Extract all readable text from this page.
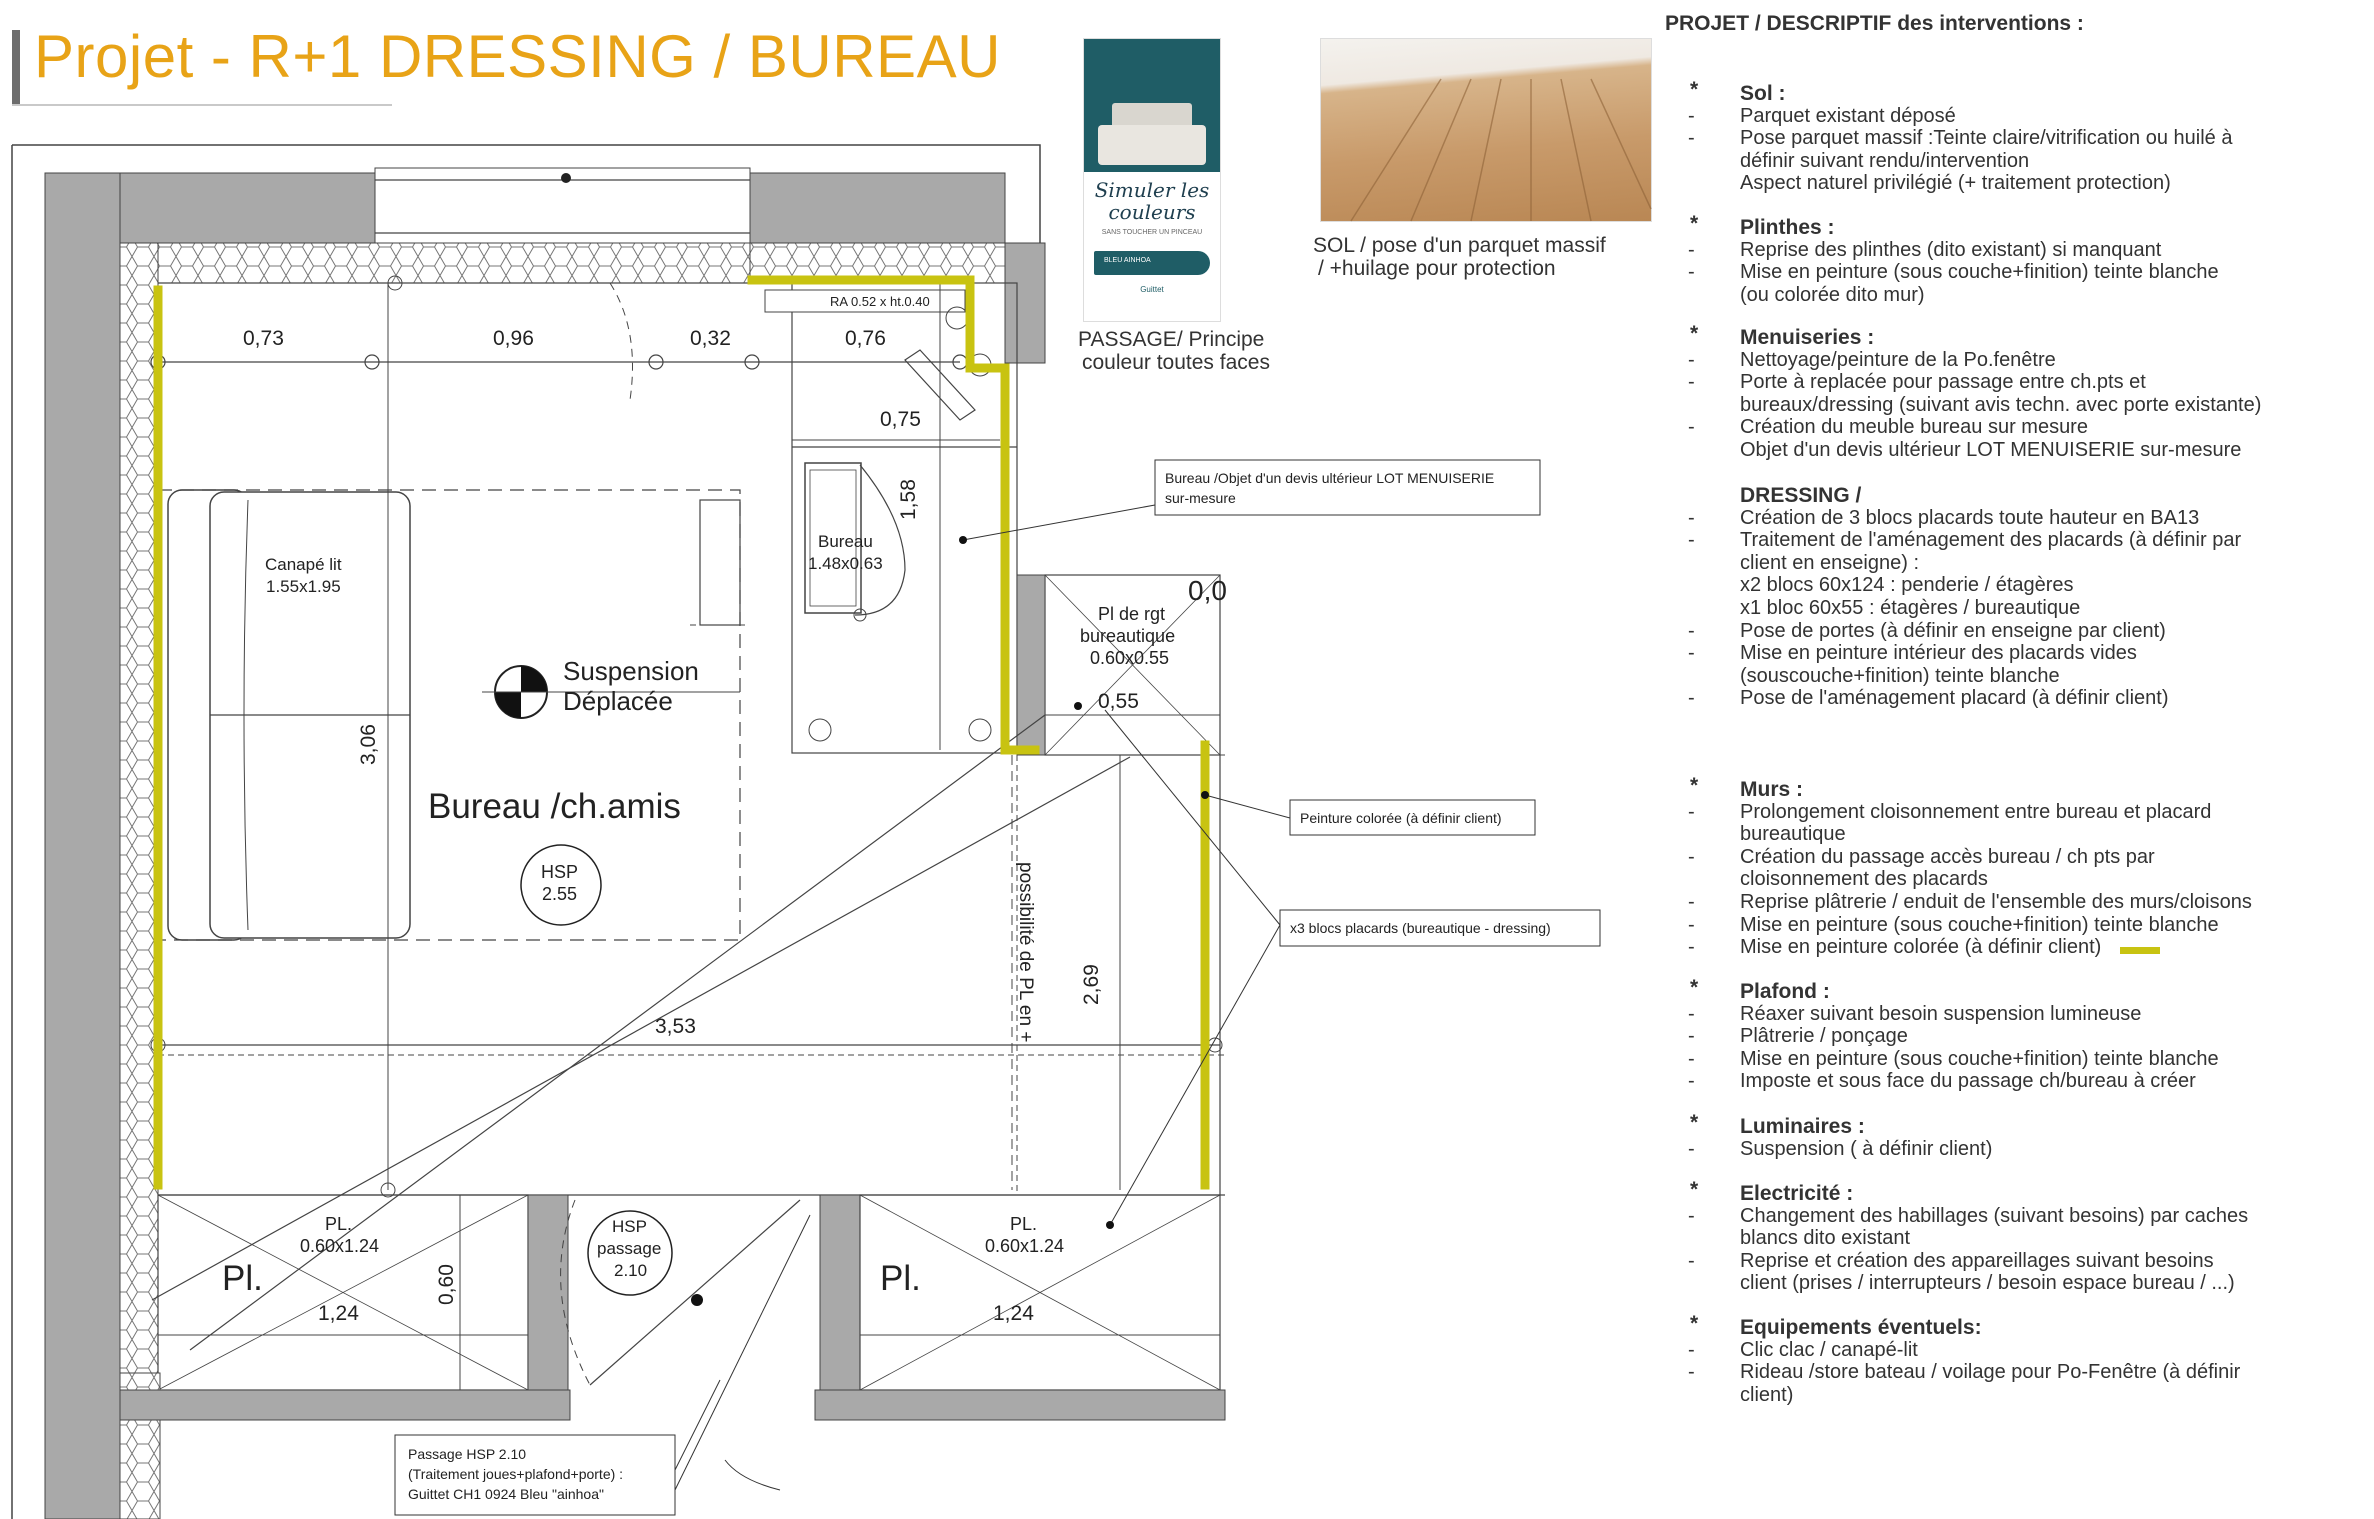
Projet - R+1 DRESSING / BUREAU
RA 0.52 x ht.0.40
Canapé lit
1.55x1.95
0,73	0,96	0,32	0,76
0,75
1,58
3,06
3,53
2,69
0,55
0,0
Pl de rgt
bureautique
0.60x0.55
Bureau
1.48x0.63
Suspension
Déplacée
Bureau /ch.amis
HSP
2.55	possibilité de PL en +
PL.
0.60x1.24
PL.
0.60x1.24
Pl.	Pl.
1,24	1,24
0,60
HSP
passage
2.10
Bureau /Objet d'un devis ultérieur LOT MENUISERIE
sur-mesure
Peinture colorée (à définir client)
x3 blocs placards (bureautique - dressing)
Passage HSP 2.10
(Traitement joues+plafond+porte) :
Guittet CH1 0924 Bleu "ainhoa"
Simuler les couleurs
SANS TOUCHER UN PINCEAU
BLEU AINHOA
Guittet
PASSAGE/ Principe
couleur toutes faces
SOL / pose d'un parquet massif
/ +huilage pour protection
PROJET / DESCRIPTIF des interventions :
* Sol :
- Parquet existant déposé
- Pose parquet massif :Teinte claire/vitrification ou huilé à
définir suivant rendu/intervention
Aspect naturel privilégié (+ traitement protection)
* Plinthes :
- Reprise des plinthes (dito existant) si manquant
- Mise en peinture (sous couche+finition) teinte blanche
(ou colorée dito mur)
* Menuiseries :
- Nettoyage/peinture de la Po.fenêtre
- Porte à replacée pour passage entre ch.pts et
bureaux/dressing (suivant avis techn. avec porte existante)
- Création du meuble bureau sur mesure
Objet d'un devis ultérieur LOT MENUISERIE sur-mesure
DRESSING /
- Création de 3 blocs placards toute hauteur en BA13
- Traitement de l'aménagement des placards (à définir par
client en enseigne) :
x2 blocs 60x124 : penderie / étagères
x1 bloc 60x55 : étagères / bureautique
- Pose de portes (à définir en enseigne par client)
- Mise en peinture intérieur des placards vides
(souscouche+finition) teinte blanche
- Pose de l'aménagement placard (à définir client)
* Murs :
- Prolongement cloisonnement entre bureau et placard
bureautique
- Création du passage accès bureau / ch pts par
cloisonnement des placards
- Reprise plâtrerie / enduit de l'ensemble des murs/cloisons
- Mise en peinture (sous couche+finition) teinte blanche
- Mise en peinture colorée (à définir client)
* Plafond :
- Réaxer suivant besoin suspension lumineuse
- Plâtrerie / ponçage
- Mise en peinture (sous couche+finition) teinte blanche
- Imposte et sous face du passage ch/bureau à créer
* Luminaires :
- Suspension ( à définir client)
* Electricité :
- Changement des habillages (suivant besoins) par caches
blancs dito existant
- Reprise et création des appareillages suivant besoins
client (prises / interrupteurs / besoin espace bureau / ...)
* Equipements éventuels:
- Clic clac / canapé-lit
- Rideau /store bateau / voilage pour Po-Fenêtre (à définir
client)
